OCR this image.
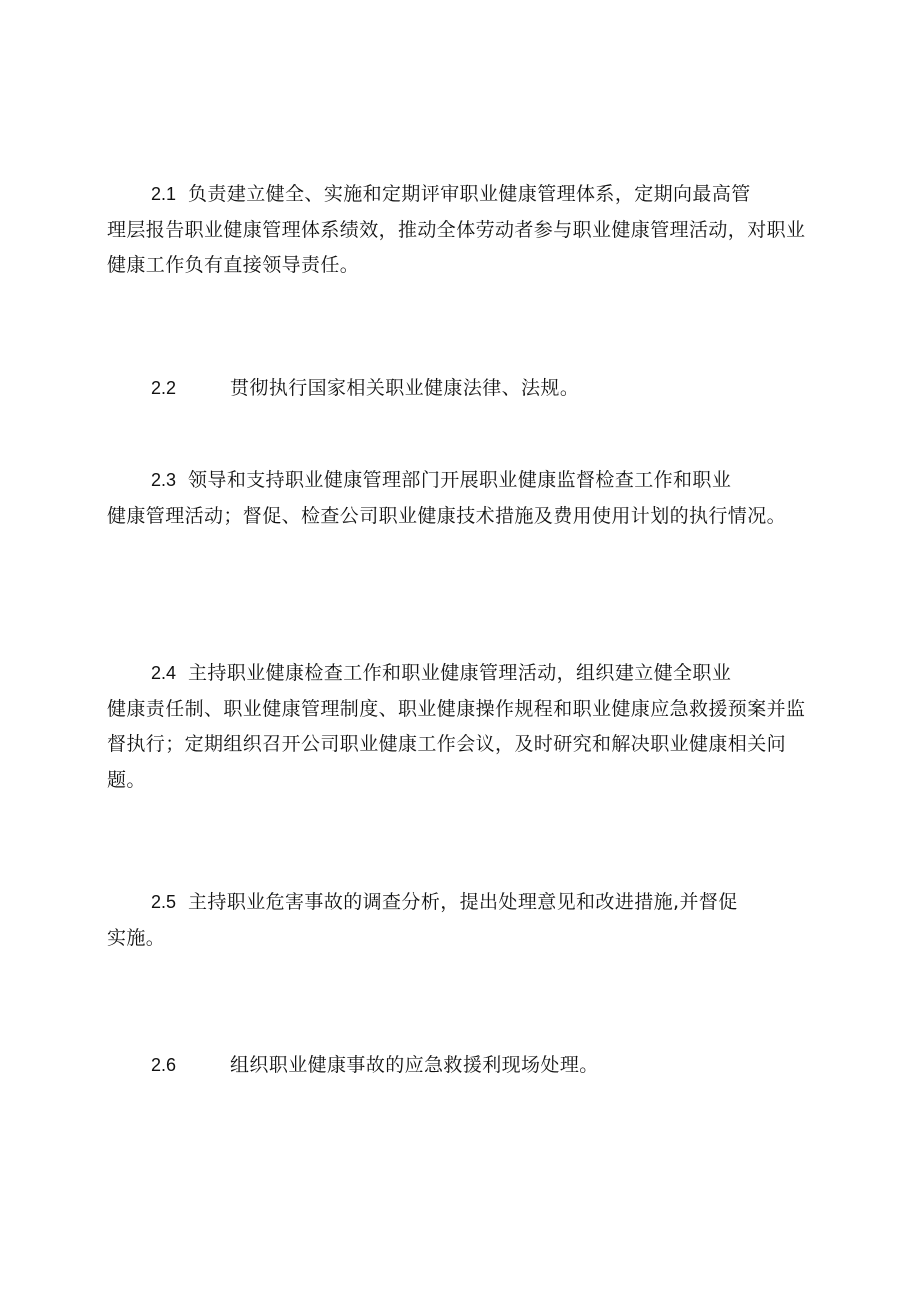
2.1 负责建立健全、实施和定期评审职业健康管理体系，定期向最高管
理层报告职业健康管理体系绩效，推动全体劳动者参与职业健康管理活动，对职业健康工作负有直接领导责任。
2.2	贯彻执行国家相关职业健康法律、法规。
2.3 领导和支持职业健康管理部门开展职业健康监督检查工作和职业
健康管理活动；督促、检查公司职业健康技术措施及费用使用计划的执行情况。
2.4 主持职业健康检查工作和职业健康管理活动，组织建立健全职业
健康责任制、职业健康管理制度、职业健康操作规程和职业健康应急救援预案并监督执行；定期组织召开公司职业健康工作会议，及时研究和解决职业健康相关问题。
2.5 主持职业危害事故的调查分析，提出处理意见和改进措施,并督促
实施。
2.6	组织职业健康事故的应急救援利现场处理。
